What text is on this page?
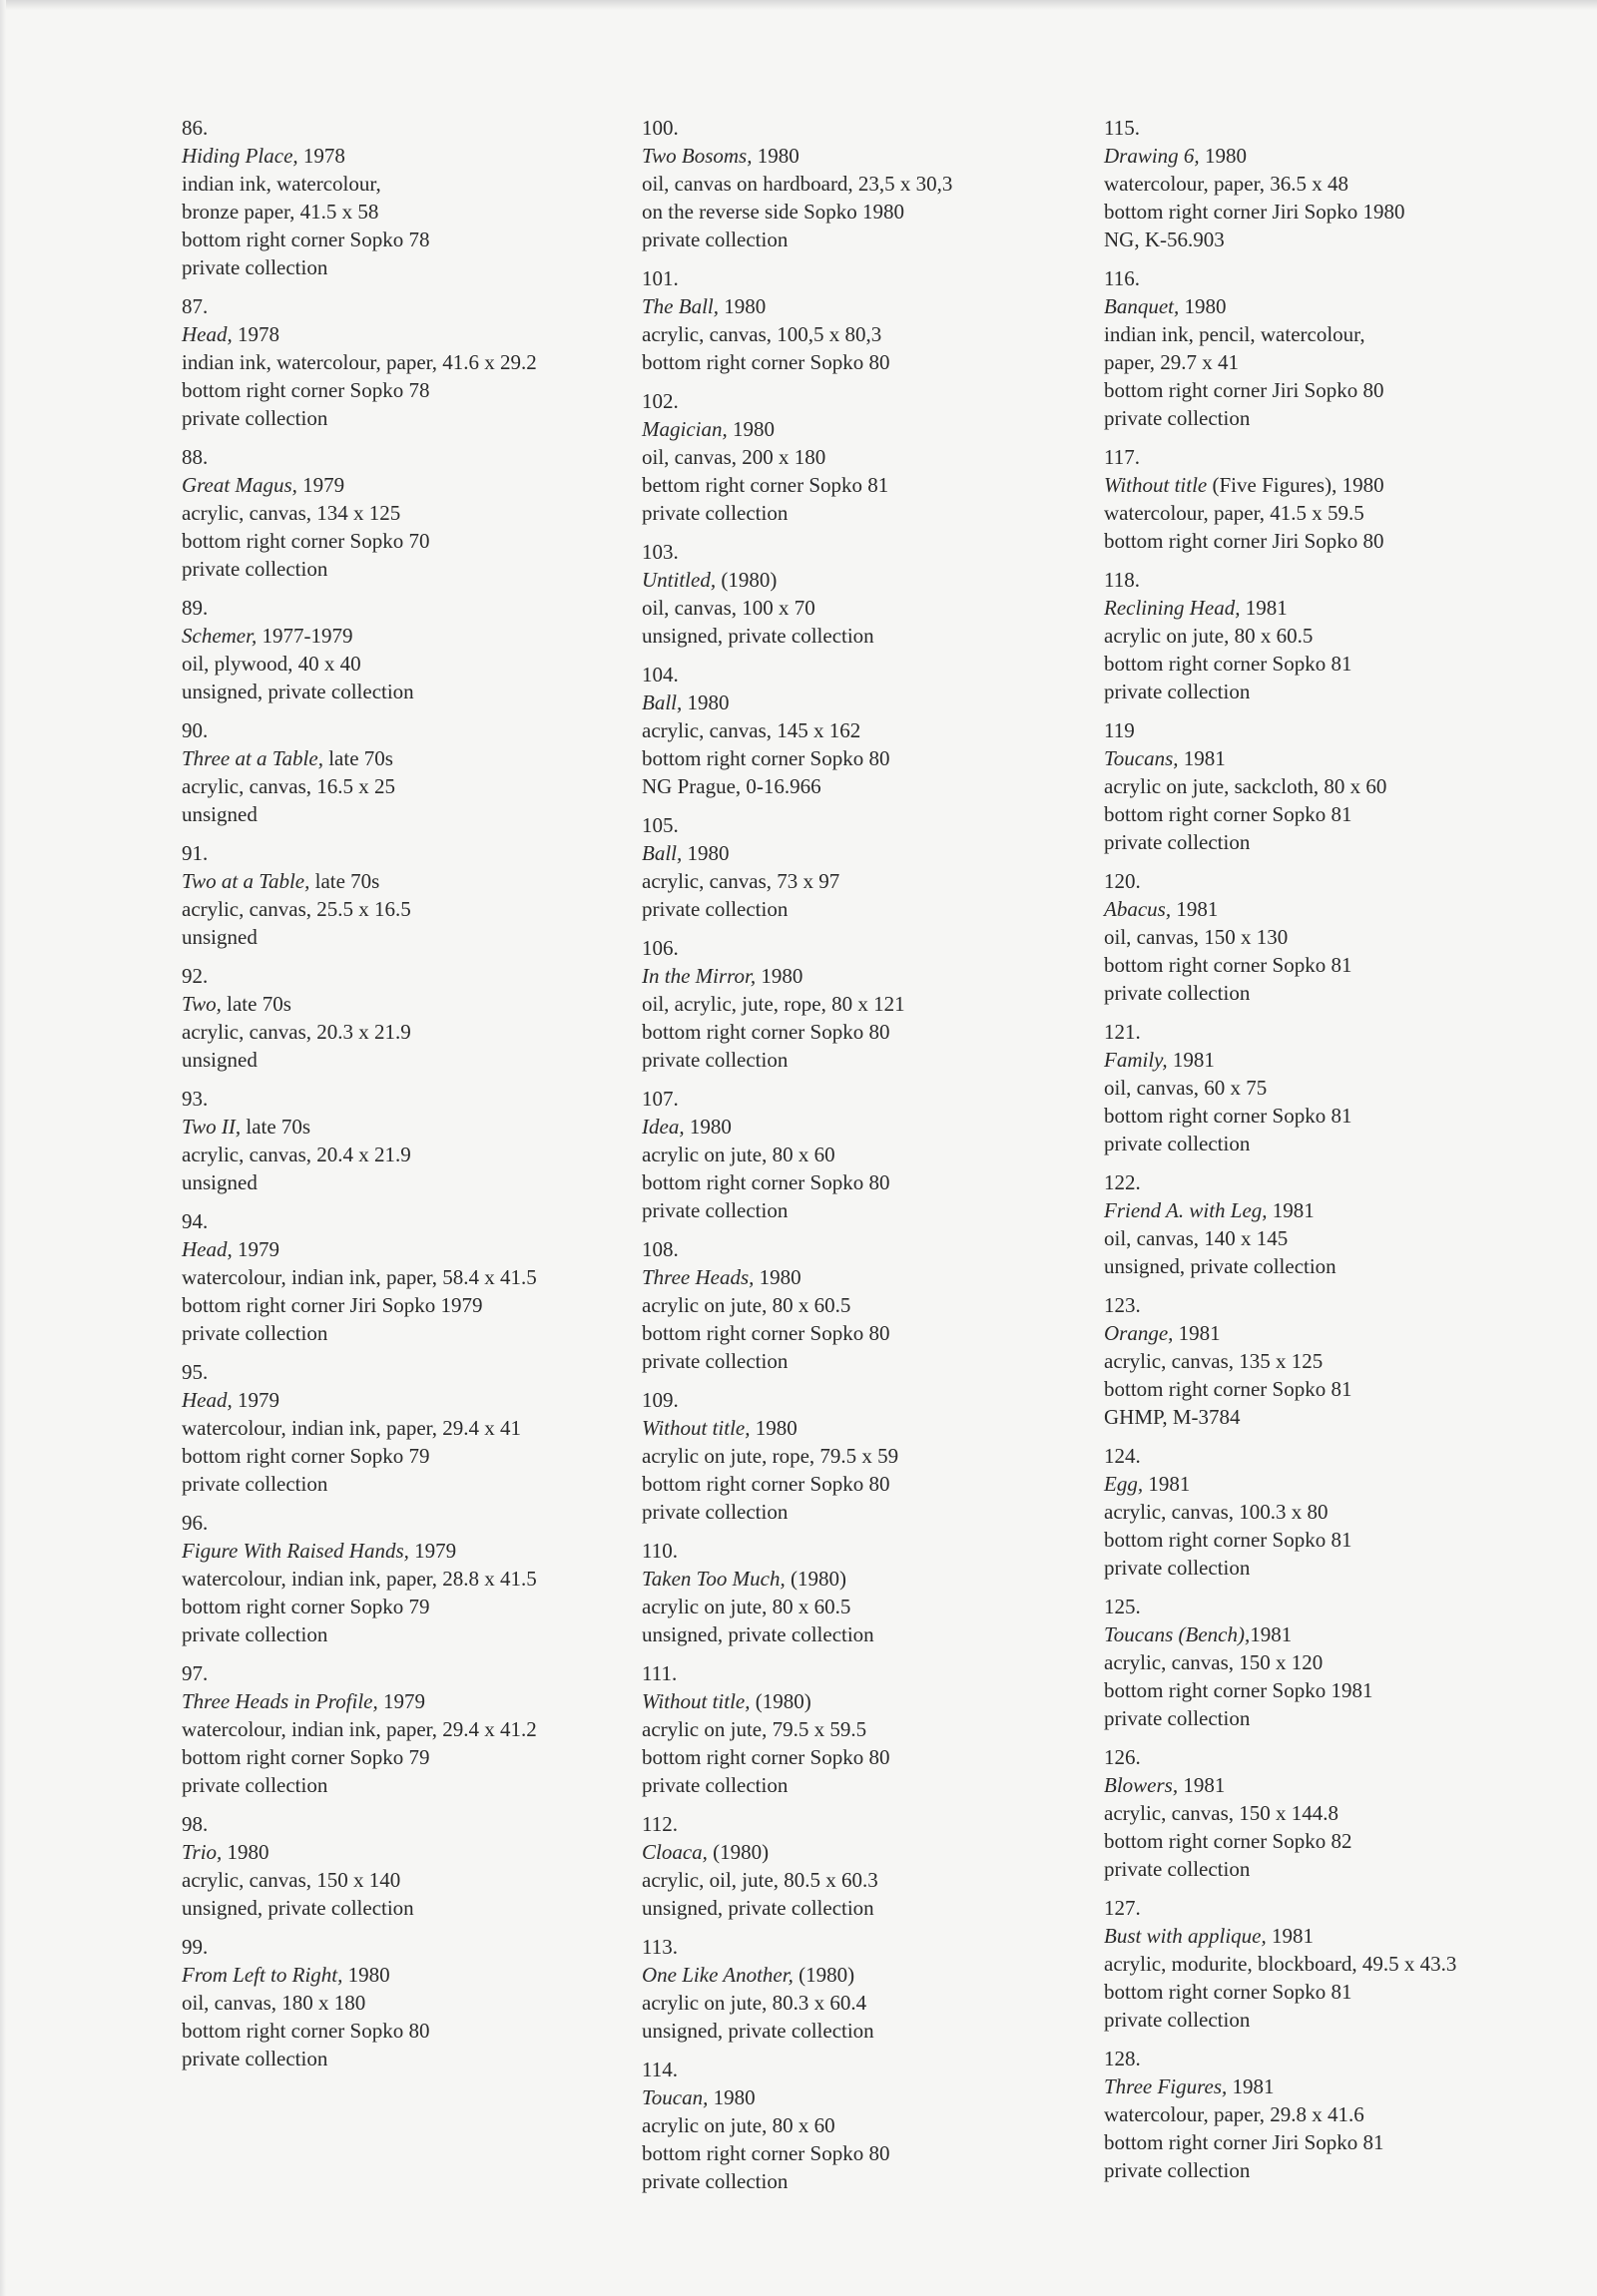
86.
Hiding Place, 1978
indian ink, watercolour,
bronze paper, 41.5 x 58
bottom right corner Sopko 78
private collection
87.
Head, 1978
indian ink, watercolour, paper, 41.6 x 29.2
bottom right corner Sopko 78
private collection
88.
Great Magus, 1979
acrylic, canvas, 134 x 125
bottom right corner Sopko 70
private collection
89.
Schemer, 1977-1979
oil, plywood, 40 x 40
unsigned, private collection
90.
Three at a Table, late 70s
acrylic, canvas, 16.5 x 25
unsigned
91.
Two at a Table, late 70s
acrylic, canvas, 25.5 x 16.5
unsigned
92.
Two, late 70s
acrylic, canvas, 20.3 x 21.9
unsigned
93.
Two II, late 70s
acrylic, canvas, 20.4 x 21.9
unsigned
94.
Head, 1979
watercolour, indian ink, paper, 58.4 x 41.5
bottom right corner Jiri Sopko 1979
private collection
95.
Head, 1979
watercolour, indian ink, paper, 29.4 x 41
bottom right corner Sopko 79
private collection
96.
Figure With Raised Hands, 1979
watercolour, indian ink, paper, 28.8 x 41.5
bottom right corner Sopko 79
private collection
97.
Three Heads in Profile, 1979
watercolour, indian ink, paper, 29.4 x 41.2
bottom right corner Sopko 79
private collection
98.
Trio, 1980
acrylic, canvas, 150 x 140
unsigned, private collection
99.
From Left to Right, 1980
oil, canvas, 180 x 180
bottom right corner Sopko 80
private collection
100.
Two Bosoms, 1980
oil, canvas on hardboard, 23,5 x 30,3
on the reverse side Sopko 1980
private collection
101.
The Ball, 1980
acrylic, canvas, 100,5 x 80,3
bottom right corner Sopko 80
102.
Magician, 1980
oil, canvas, 200 x 180
bettom right corner Sopko 81
private collection
103.
Untitled, (1980)
oil, canvas, 100 x 70
unsigned, private collection
104.
Ball, 1980
acrylic, canvas, 145 x 162
bottom right corner Sopko 80
NG Prague, 0-16.966
105.
Ball, 1980
acrylic, canvas, 73 x 97
private collection
106.
In the Mirror, 1980
oil, acrylic, jute, rope, 80 x 121
bottom right corner Sopko 80
private collection
107.
Idea, 1980
acrylic on jute, 80 x 60
bottom right corner Sopko 80
private collection
108.
Three Heads, 1980
acrylic on jute, 80 x 60.5
bottom right corner Sopko 80
private collection
109.
Without title, 1980
acrylic on jute, rope, 79.5 x 59
bottom right corner Sopko 80
private collection
110.
Taken Too Much, (1980)
acrylic on jute, 80 x 60.5
unsigned, private collection
111.
Without title, (1980)
acrylic on jute, 79.5 x 59.5
bottom right corner Sopko 80
private collection
112.
Cloaca, (1980)
acrylic, oil, jute, 80.5 x 60.3
unsigned, private collection
113.
One Like Another, (1980)
acrylic on jute, 80.3 x 60.4
unsigned, private collection
114.
Toucan, 1980
acrylic on jute, 80 x 60
bottom right corner Sopko 80
private collection
115.
Drawing 6, 1980
watercolour, paper, 36.5 x 48
bottom right corner Jiri Sopko 1980
NG, K-56.903
116.
Banquet, 1980
indian ink, pencil, watercolour,
paper, 29.7 x 41
bottom right corner Jiri Sopko 80
private collection
117.
Without title (Five Figures), 1980
watercolour, paper, 41.5 x 59.5
bottom right corner Jiri Sopko 80
118.
Reclining Head, 1981
acrylic on jute, 80 x 60.5
bottom right corner Sopko 81
private collection
119
Toucans, 1981
acrylic on jute, sackcloth, 80 x 60
bottom right corner Sopko 81
private collection
120.
Abacus, 1981
oil, canvas, 150 x 130
bottom right corner Sopko 81
private collection
121.
Family, 1981
oil, canvas, 60 x 75
bottom right corner Sopko 81
private collection
122.
Friend A. with Leg, 1981
oil, canvas, 140 x 145
unsigned, private collection
123.
Orange, 1981
acrylic, canvas, 135 x 125
bottom right corner Sopko 81
GHMP, M-3784
124.
Egg, 1981
acrylic, canvas, 100.3 x 80
bottom right corner Sopko 81
private collection
125.
Toucans (Bench),1981
acrylic, canvas, 150 x 120
bottom right corner Sopko 1981
private collection
126.
Blowers, 1981
acrylic, canvas, 150 x 144.8
bottom right corner Sopko 82
private collection
127.
Bust with applique, 1981
acrylic, modurite, blockboard, 49.5 x 43.3
bottom right corner Sopko 81
private collection
128.
Three Figures, 1981
watercolour, paper, 29.8 x 41.6
bottom right corner Jiri Sopko 81
private collection
